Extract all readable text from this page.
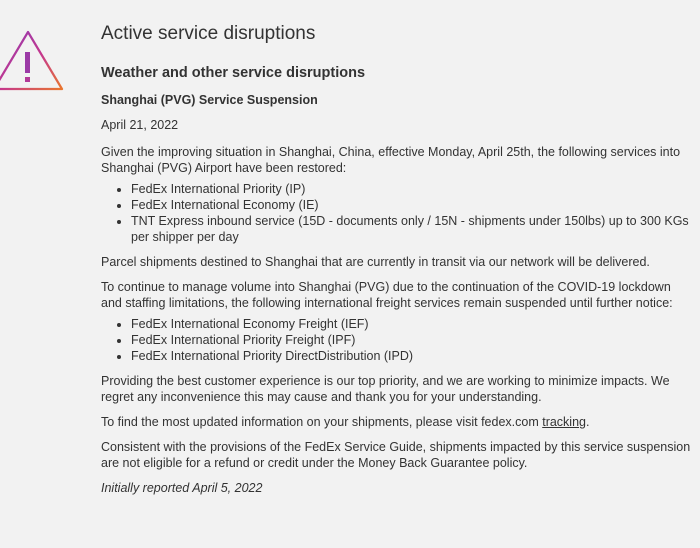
Active service disruptions
Weather and other service disruptions
Shanghai (PVG) Service Suspension

April 21, 2022

Given the improving situation in Shanghai, China, effective Monday, April 25th, the following services into Shanghai (PVG) Airport have been restored:

• FedEx International Priority (IP)
• FedEx International Economy (IE)
• TNT Express inbound service (15D - documents only / 15N - shipments under 150lbs) up to 300 KGs per shipper per day

Parcel shipments destined to Shanghai that are currently in transit via our network will be delivered.

To continue to manage volume into Shanghai (PVG) due to the continuation of the COVID-19 lockdown and staffing limitations, the following international freight services remain suspended until further notice:

• FedEx International Economy Freight (IEF)
• FedEx International Priority Freight (IPF)
• FedEx International Priority DirectDistribution (IPD)

Providing the best customer experience is our top priority, and we are working to minimize impacts. We regret any inconvenience this may cause and thank you for your understanding.

To find the most updated information on your shipments, please visit fedex.com tracking.

Consistent with the provisions of the FedEx Service Guide, shipments impacted by this service suspension are not eligible for a refund or credit under the Money Back Guarantee policy.

Initially reported April 5, 2022
